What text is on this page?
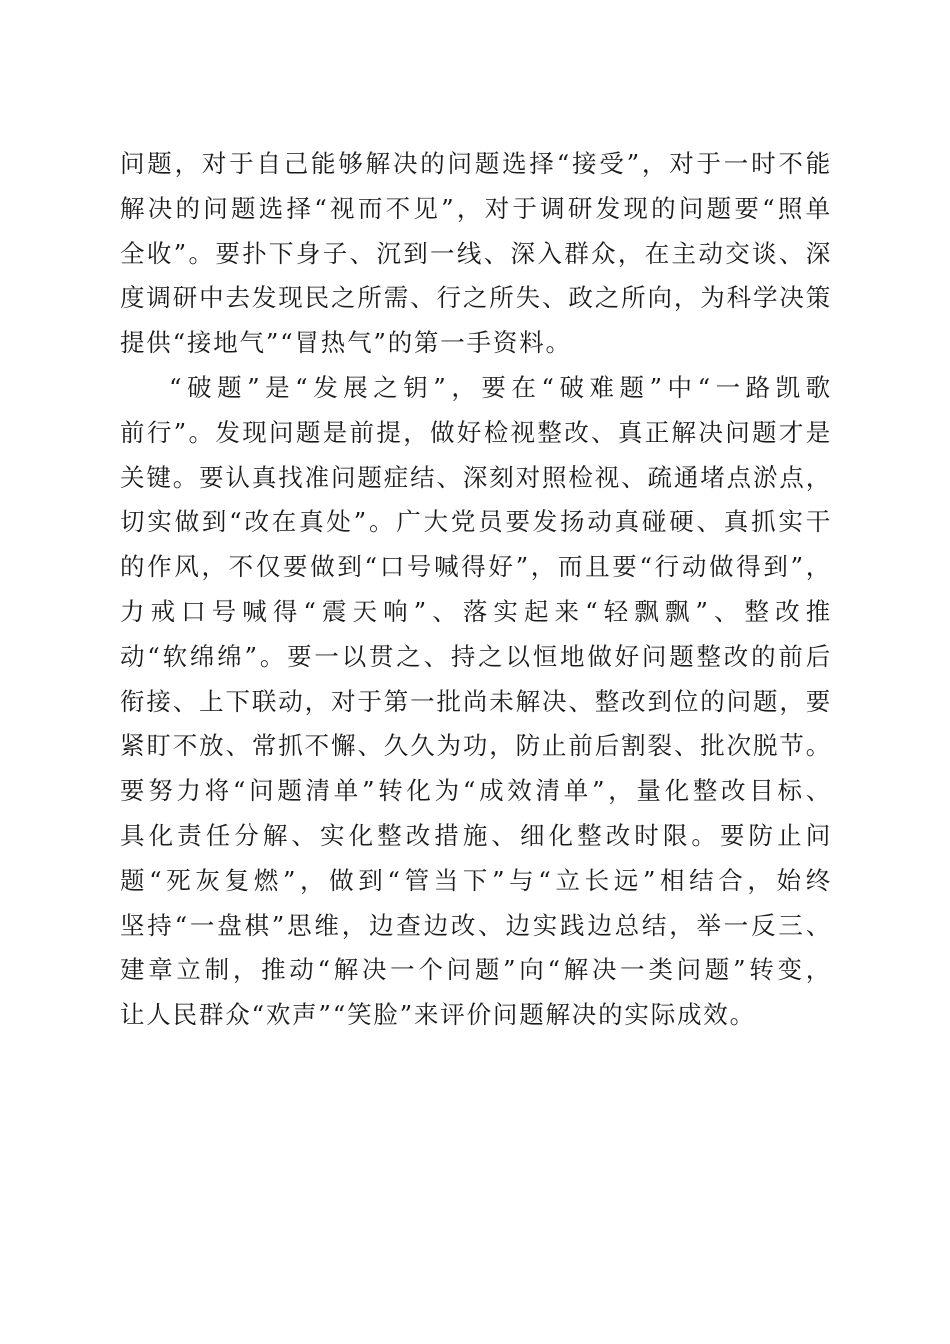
问题，对于自己能够解决的问题选择“接受”，对于一时不能
解决的问题选择“视而不见”，对于调研发现的问题要“照单
全收”。要扑下身子、沉到一线、深入群众，在主动交谈、深
度调研中去发现民之所需、行之所失、政之所向，为科学决策
提供“接地气”“冒热气”的第一手资料。
“破题”是“发展之钥”，要在“破难题”中“一路凯歌
前行”。发现问题是前提，做好检视整改、真正解决问题才是
关键。要认真找准问题症结、深刻对照检视、疏通堵点淤点，
切实做到“改在真处”。广大党员要发扬动真碰硬、真抓实干
的作风，不仅要做到“口号喊得好”，而且要“行动做得到”，
力戒口号喊得“震天响”、落实起来“轻飘飘”、整改推
动“软绵绵”。要一以贯之、持之以恒地做好问题整改的前后
衔接、上下联动，对于第一批尚未解决、整改到位的问题，要
紧盯不放、常抓不懈、久久为功，防止前后割裂、批次脱节。
要努力将“问题清单”转化为“成效清单”，量化整改目标、
具化责任分解、实化整改措施、细化整改时限。要防止问
题“死灰复燃”，做到“管当下”与“立长远”相结合，始终
坚持“一盘棋”思维，边查边改、边实践边总结，举一反三、
建章立制，推动“解决一个问题”向“解决一类问题”转变，
让人民群众“欢声”“笑脸”来评价问题解决的实际成效。
